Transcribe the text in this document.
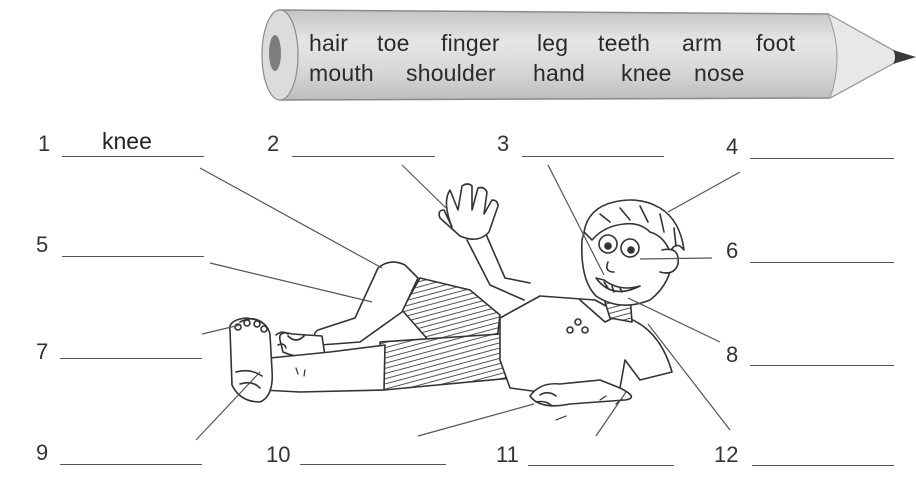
hair toe finger leg teeth arm foot
mouth shoulder hand knee nose
1 knee	2	3	4
5	6
7	8
9	10	11	12
